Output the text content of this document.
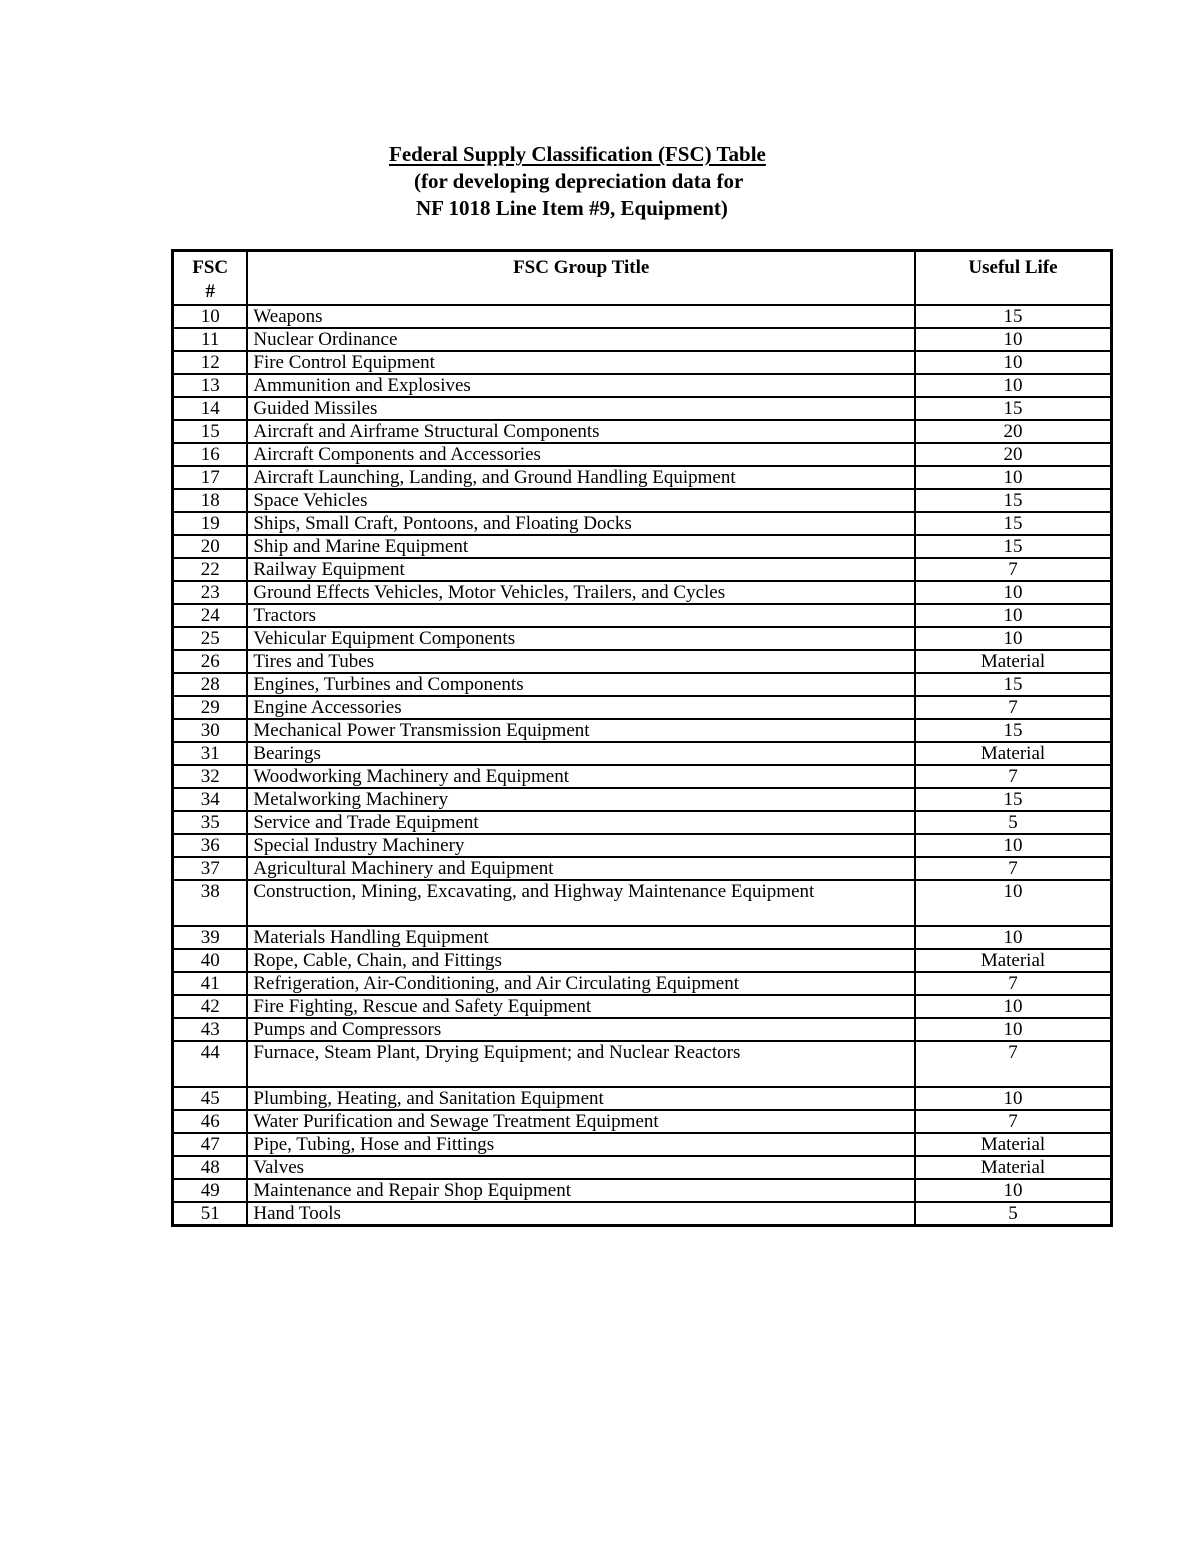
Federal Supply Classification (FSC) Table
(for developing depreciation data for
NF 1018 Line Item #9, Equipment)
FSC
#	FSC Group Title	Useful Life
10	Weapons	15
11	Nuclear Ordinance	10
12	Fire Control Equipment	10
13	Ammunition and Explosives	10
14	Guided Missiles	15
15	Aircraft and Airframe Structural Components	20
16	Aircraft Components and Accessories	20
17	Aircraft Launching, Landing, and Ground Handling Equipment	10
18	Space Vehicles	15
19	Ships, Small Craft, Pontoons, and Floating Docks	15
20	Ship and Marine Equipment	15
22	Railway Equipment	7
23	Ground Effects Vehicles, Motor Vehicles, Trailers, and Cycles	10
24	Tractors	10
25	Vehicular Equipment Components	10
26	Tires and Tubes	Material
28	Engines, Turbines and Components	15
29	Engine Accessories	7
30	Mechanical Power Transmission Equipment	15
31	Bearings	Material
32	Woodworking Machinery and Equipment	7
34	Metalworking Machinery	15
35	Service and Trade Equipment	5
36	Special Industry Machinery	10
37	Agricultural Machinery and Equipment	7
38	Construction, Mining, Excavating, and Highway Maintenance Equipment	10
39	Materials Handling Equipment	10
40	Rope, Cable, Chain, and Fittings	Material
41	Refrigeration, Air-Conditioning, and Air Circulating Equipment	7
42	Fire Fighting, Rescue and Safety Equipment	10
43	Pumps and Compressors	10
44	Furnace, Steam Plant, Drying Equipment; and Nuclear Reactors	7
45	Plumbing, Heating, and Sanitation Equipment	10
46	Water Purification and Sewage Treatment Equipment	7
47	Pipe, Tubing, Hose and Fittings	Material
48	Valves	Material
49	Maintenance and Repair Shop Equipment	10
51	Hand Tools	5
